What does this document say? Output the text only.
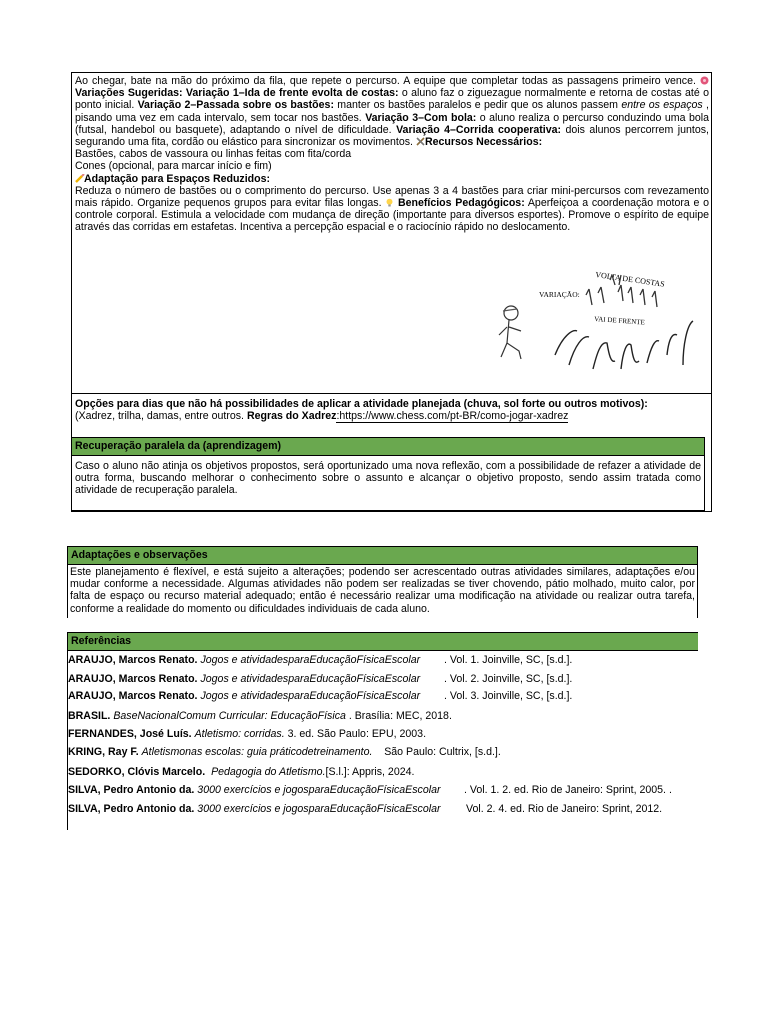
Ao chegar, bate na mão do próximo da fila, que repete o percurso. A equipe que completar todas as passagens primeiro vence.  Variações Sugeridas: Variação 1–Ida de frente evolta de costas: o aluno faz o ziguezague normalmente e retorna de costas até o ponto inicial. Variação 2–Passada sobre os bastões: manter os bastões paralelos e pedir que os alunos passem entre os espaços , pisando uma vez em cada intervalo, sem tocar nos bastões. Variação 3–Com bola: o aluno realiza o percurso conduzindo uma bola (futsal, handebol ou basquete), adaptando o nível de dificuldade. Variação 4–Corrida cooperativa: dois alunos percorrem juntos, segurando uma fita, cordão ou elástico para sincronizar os movimentos. Recursos Necessários:

Bastões, cabos de vassoura ou linhas feitas com fita/corda

Cones (opcional, para marcar início e fim)

Adaptação para Espaços Reduzidos:

Reduza o número de bastões ou o comprimento do percurso. Use apenas 3 a 4 bastões para criar mini-percursos com revezamento mais rápido. Organize pequenos grupos para evitar filas longas.  Benefícios Pedagógicos: Aperfeiçoa a coordenação motora e o controle corporal. Estimula a velocidade com mudança de direção (importante para diversos esportes). Promove o espírito de equipe através das corridas em estafetas. Incentiva a percepção espacial e o raciocínio rápido no deslocamento.

VOLTA DE COSTAS
VARIAÇÃO:
VAI DE FRENTE

Opções para dias que não há possibilidades de aplicar a atividade planejada (chuva, sol forte ou outros motivos):

(Xadrez, trilha, damas, entre outros. Regras do Xadrez:https://www.chess.com/pt-BR/como-jogar-xadrez

Recuperação paralela da (aprendizagem)

Caso o aluno não atinja os objetivos propostos, será oportunizado uma nova reflexão, com a possibilidade de refazer a atividade de outra forma, buscando melhorar o conhecimento sobre o assunto e alcançar o objetivo proposto, sendo assim tratada como atividade de recuperação paralela.

Adaptações e observações

Este planejamento é flexível, e está sujeito a alterações; podendo ser acrescentado outras atividades similares, adaptações e/ou mudar conforme a necessidade. Algumas atividades não podem ser realizadas se tiver chovendo, pátio molhado, muito calor, por falta de espaço ou recurso material adequado; então é necessário realizar uma modificação na atividade ou realizar outra tarefa, conforme a realidade do momento ou dificuldades individuais de cada aluno.

Referências
ARAUJO, Marcos Renato. Jogos e atividadesparaEducaçãoFísicaEscolar . Vol. 1. Joinville, SC, [s.d.].
ARAUJO, Marcos Renato. Jogos e atividadesparaEducaçãoFísicaEscolar . Vol. 2. Joinville, SC, [s.d.].
ARAUJO, Marcos Renato. Jogos e atividadesparaEducaçãoFísicaEscolar . Vol. 3. Joinville, SC, [s.d.].
BRASIL. BaseNacionalComum Curricular: EducaçãoFísica . Brasília: MEC, 2018.
FERNANDES, José Luís. Atletismo: corridas. 3. ed. São Paulo: EPU, 2003.
KRING, Ray F. Atletismonas escolas: guia práticodetreinamento. São Paulo: Cultrix, [s.d.].
SEDORKO, Clóvis Marcelo. Pedagogia do Atletismo.[S.l.]: Appris, 2024.
SILVA, Pedro Antonio da. 3000 exercícios e jogosparaEducaçãoFísicaEscolar . Vol. 1. 2. ed. Rio de Janeiro: Sprint, 2005. .
SILVA, Pedro Antonio da. 3000 exercícios e jogosparaEducaçãoFísicaEscolar Vol. 2. 4. ed. Rio de Janeiro: Sprint, 2012.
